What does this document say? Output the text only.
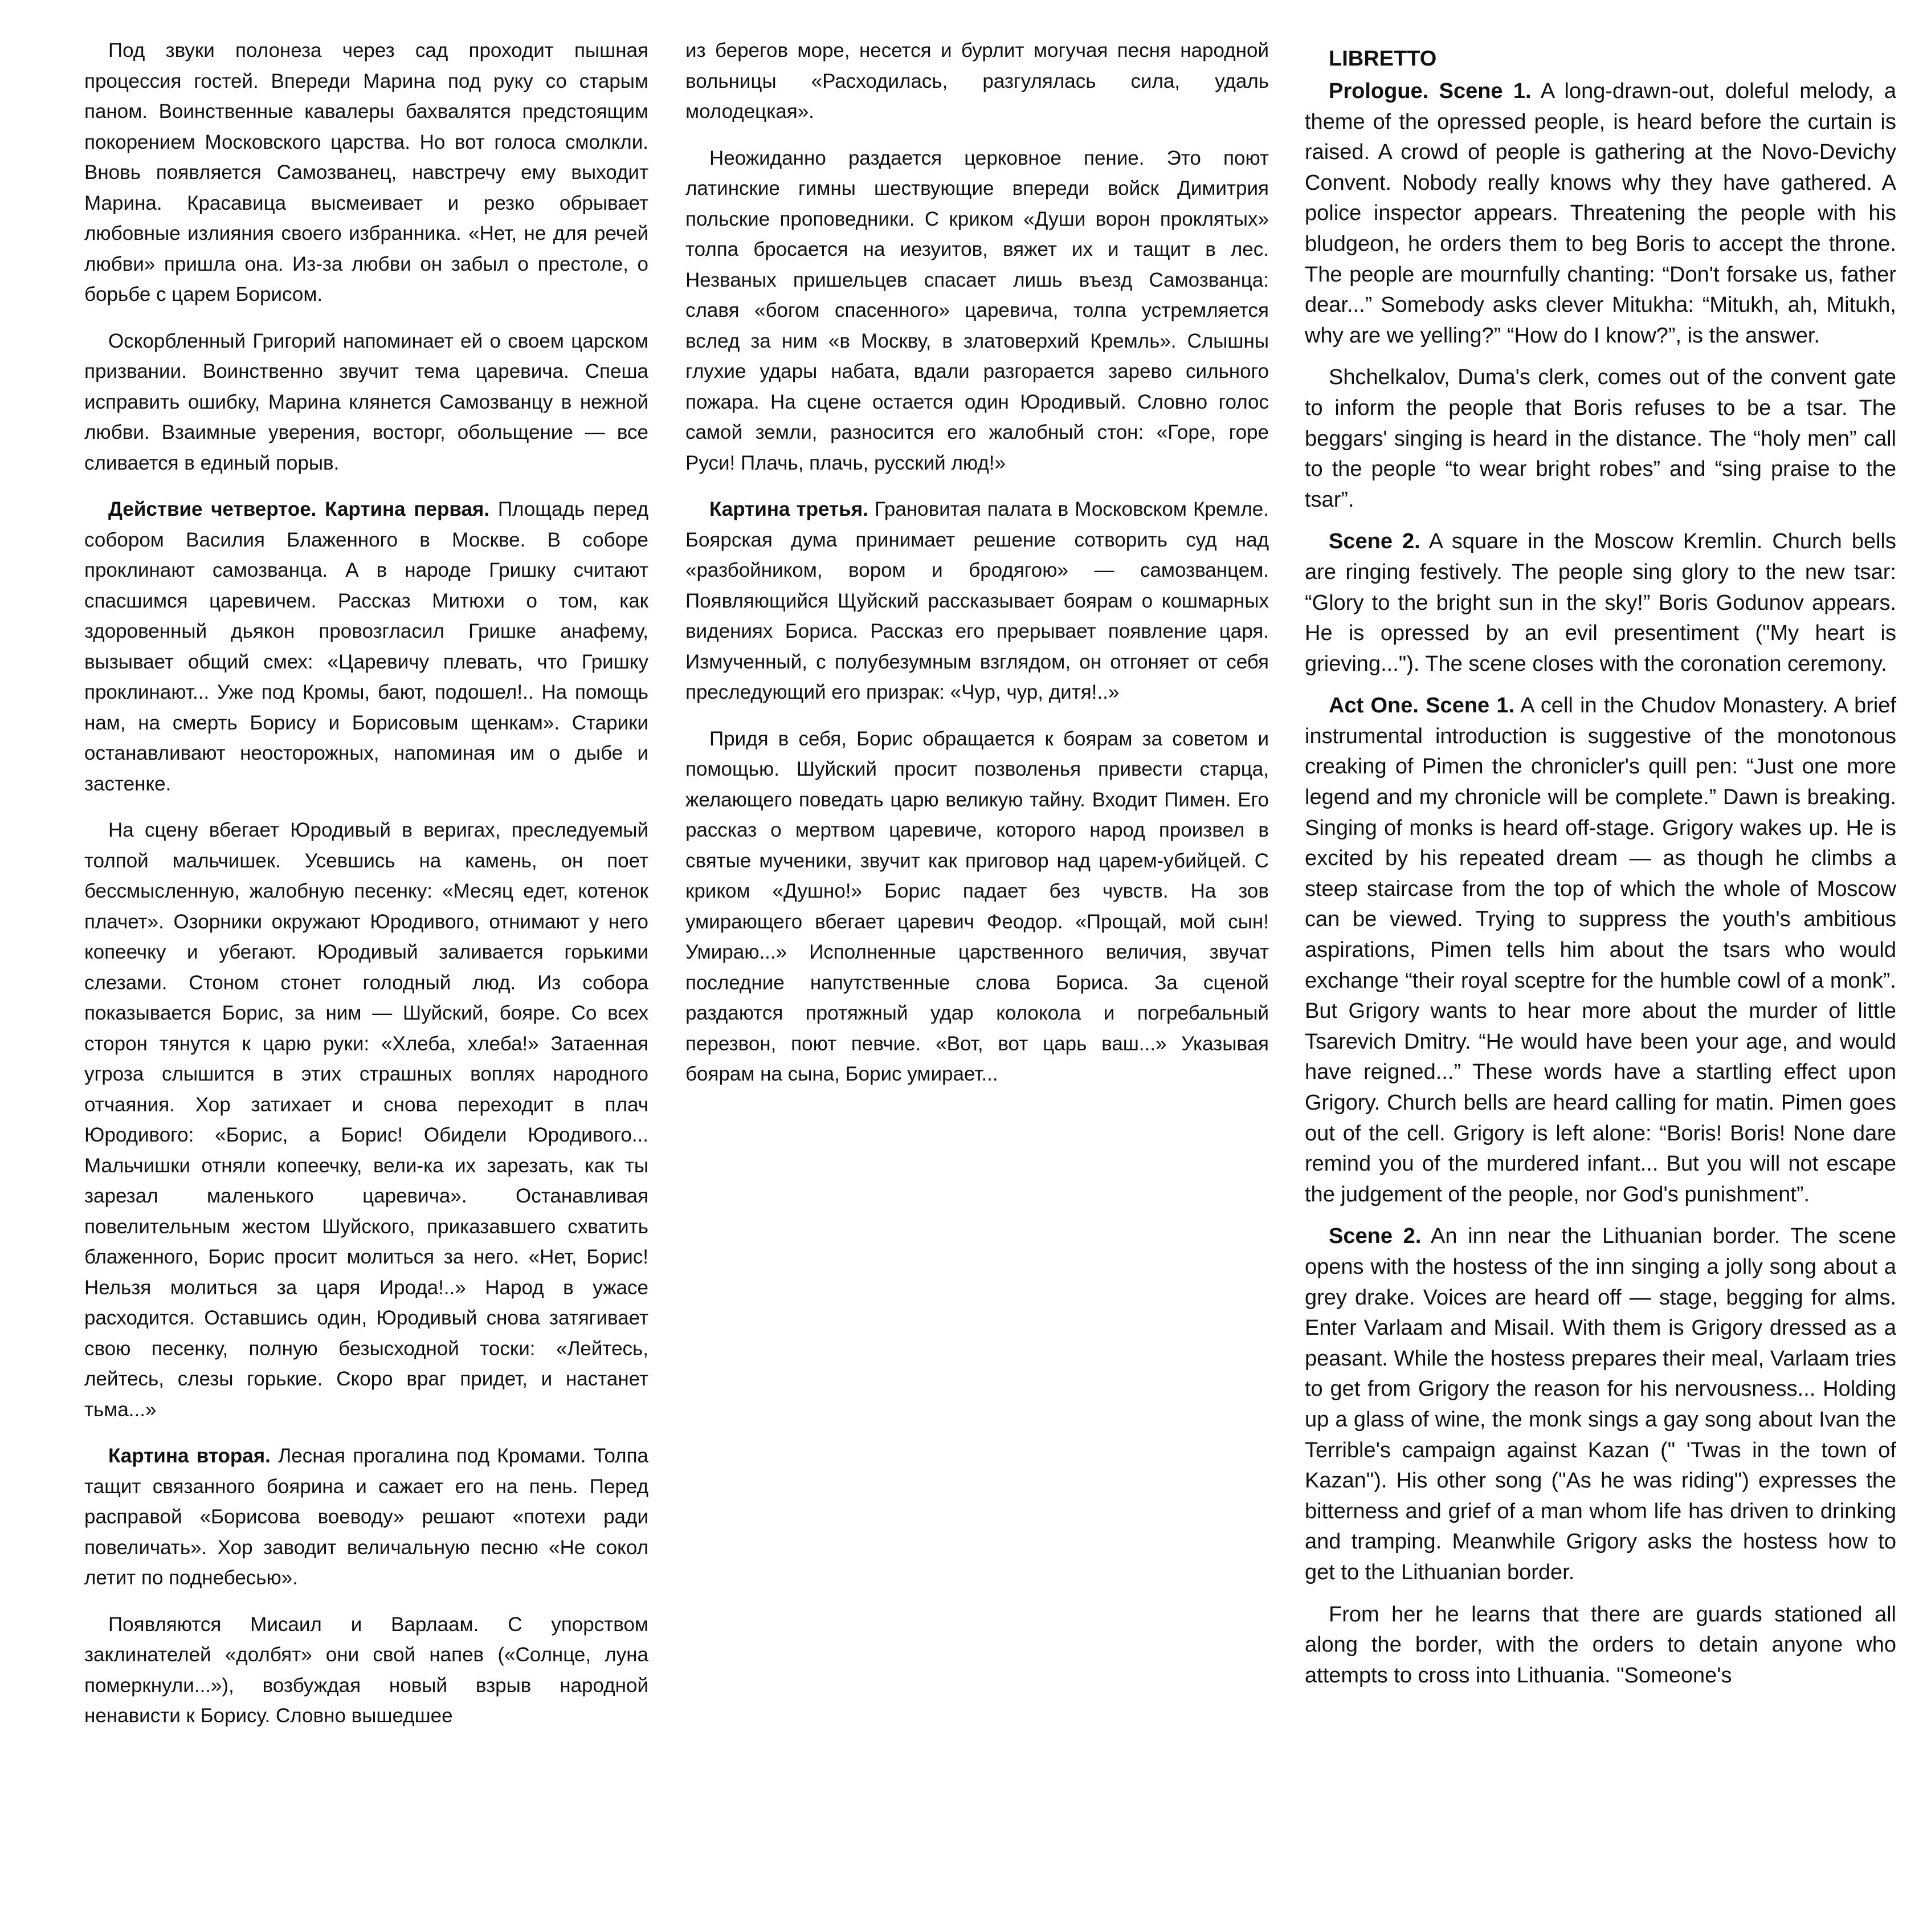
Под звуки полонеза через сад проходит пышная процессия гостей. Впереди Марина под руку со старым паном. Воинственные кавалеры бахвалятся предстоящим покорением Московского царства. Но вот голоса смолкли. Вновь появляется Самозванец, навстречу ему выходит Марина. Красавица высмеивает и резко обрывает любовные излияния своего избранника. «Нет, не для речей любви» пришла она. Из-за любви он забыл о престоле, о борьбе с царем Борисом.

Оскорбленный Григорий напоминает ей о своем царском призвании. Воинственно звучит тема царевича. Спеша исправить ошибку, Марина клянется Самозванцу в нежной любви. Взаимные уверения, восторг, обольщение — все сливается в единый порыв.

Действие четвертое. Картина первая. Площадь перед собором Василия Блаженного в Москве. В соборе проклинают самозванца. А в народе Гришку считают спасшимся царевичем. Рассказ Митюхи о том, как здоровенный дьякон провозгласил Гришке анафему, вызывает общий смех: «Царевичу плевать, что Гришку проклинают... Уже под Кромы, бают, подошел!.. На помощь нам, на смерть Борису и Борисовым щенкам». Старики останавливают неосторожных, напоминая им о дыбе и застенке.

На сцену вбегает Юродивый в веригах, преследуемый толпой мальчишек. Усевшись на камень, он поет бессмысленную, жалобную песенку: «Месяц едет, котенок плачет». Озорники окружают Юродивого, отнимают у него копеечку и убегают. Юродивый заливается горькими слезами. Стоном стонет голодный люд. Из собора показывается Борис, за ним — Шуйский, бояре. Со всех сторон тянутся к царю руки: «Хлеба, хлеба!» Затаенная угроза слышится в этих страшных воплях народного отчаяния. Хор затихает и снова переходит в плач Юродивого: «Борис, а Борис! Обидели Юродивого... Мальчишки отняли копеечку, вели-ка их зарезать, как ты зарезал маленького царевича». Останавливая повелительным жестом Шуйского, приказавшего схватить блаженного, Борис просит молиться за него. «Нет, Борис! Нельзя молиться за царя Ирода!..» Народ в ужасе расходится. Оставшись один, Юродивый снова затягивает свою песенку, полную безысходной тоски: «Лейтесь, лейтесь, слезы горькие. Скоро враг придет, и настанет тьма...»

Картина вторая. Лесная прогалина под Кромами. Толпа тащит связанного боярина и сажает его на пень. Перед расправой «Борисова воеводу» решают «потехи ради повеличать». Хор заводит величальную песню «Не сокол летит по поднебесью».

Появляются Мисаил и Варлаам. С упорством заклинателей «долбят» они свой напев («Солнце, луна померкнули...»), возбуждая новый взрыв народной ненависти к Борису. Словно вышедшее

из берегов море, несется и бурлит могучая песня народной вольницы «Расходилась, разгулялась сила, удаль молодецкая».

Неожиданно раздается церковное пение. Это поют латинские гимны шествующие впереди войск Димитрия польские проповедники. С криком «Души ворон проклятых» толпа бросается на иезуитов, вяжет их и тащит в лес. Незваных пришельцев спасает лишь въезд Самозванца: славя «богом спасенного» царевича, толпа устремляется вслед за ним «в Москву, в златоверхий Кремль». Слышны глухие удары набата, вдали разгорается зарево сильного пожара. На сцене остается один Юродивый. Словно голос самой земли, разносится его жалобный стон: «Горе, горе Руси! Плачь, плачь, русский люд!»

Картина третья. Грановитая палата в Московском Кремле. Боярская дума принимает решение сотворить суд над «разбойником, вором и бродягою» — самозванцем. Появляющийся Щуйский рассказывает боярам о кошмарных видениях Бориса. Рассказ его прерывает появление царя. Измученный, с полубезумным взглядом, он отгоняет от себя преследующий его призрак: «Чур, чур, дитя!..»

Придя в себя, Борис обращается к боярам за советом и помощью. Шуйский просит позволенья привести старца, желающего поведать царю великую тайну. Входит Пимен. Его рассказ о мертвом царевиче, которого народ произвел в святые мученики, звучит как приговор над царем-убийцей. С криком «Душно!» Борис падает без чувств. На зов умирающего вбегает царевич Феодор. «Прощай, мой сын! Умираю...» Исполненные царственного величия, звучат последние напутственные слова Бориса. За сценой раздаются протяжный удар колокола и погребальный перезвон, поют певчие. «Вот, вот царь ваш...» Указывая боярам на сына, Борис умирает...

LIBRETTO

Prologue. Scene 1. A long-drawn-out, doleful melody, a theme of the opressed people, is heard before the curtain is raised. A crowd of people is gathering at the Novo-Devichy Convent. Nobody really knows why they have gathered. A police inspector appears. Threatening the people with his bludgeon, he orders them to beg Boris to accept the throne. The people are mournfully chanting: “Don't forsake us, father dear...” Somebody asks clever Mitukha: “Mitukh, ah, Mitukh, why are we yelling?” “How do I know?”, is the answer.

Shchelkalov, Duma's clerk, comes out of the convent gate to inform the people that Boris refuses to be a tsar. The beggars' singing is heard in the distance. The “holy men” call to the people “to wear bright robes” and “sing praise to the tsar”.

Scene 2. A square in the Moscow Kremlin. Church bells are ringing festively. The people sing glory to the new tsar: “Glory to the bright sun in the sky!” Boris Godunov appears. He is opressed by an evil presentiment ("My heart is grieving..."). The scene closes with the coronation ceremony.

Act One. Scene 1. A cell in the Chudov Monastery. A brief instrumental introduction is suggestive of the monotonous creaking of Pimen the chronicler's quill pen: “Just one more legend and my chronicle will be complete.” Dawn is breaking. Singing of monks is heard off-stage. Grigory wakes up. He is excited by his repeated dream — as though he climbs a steep staircase from the top of which the whole of Moscow can be viewed. Trying to suppress the youth's ambitious aspirations, Pimen tells him about the tsars who would exchange “their royal sceptre for the humble cowl of a monk”. But Grigory wants to hear more about the murder of little Tsarevich Dmitry. “He would have been your age, and would have reigned...” These words have a startling effect upon Grigory. Church bells are heard calling for matin. Pimen goes out of the cell. Grigory is left alone: “Boris! Boris! None dare remind you of the murdered infant... But you will not escape the judgement of the people, nor God's punishment”.

Scene 2. An inn near the Lithuanian border. The scene opens with the hostess of the inn singing a jolly song about a grey drake. Voices are heard off — stage, begging for alms. Enter Varlaam and Misail. With them is Grigory dressed as a peasant. While the hostess prepares their meal, Varlaam tries to get from Grigory the reason for his nervousness... Holding up a glass of wine, the monk sings a gay song about Ivan the Terrible's campaign against Kazan (" 'Twas in the town of Kazan"). His other song ("As he was riding") expresses the bitterness and grief of a man whom life has driven to drinking and tramping. Meanwhile Grigory asks the hostess how to get to the Lithuanian border.

From her he learns that there are guards stationed all along the border, with the orders to detain anyone who attempts to cross into Lithuania. "Someone's
